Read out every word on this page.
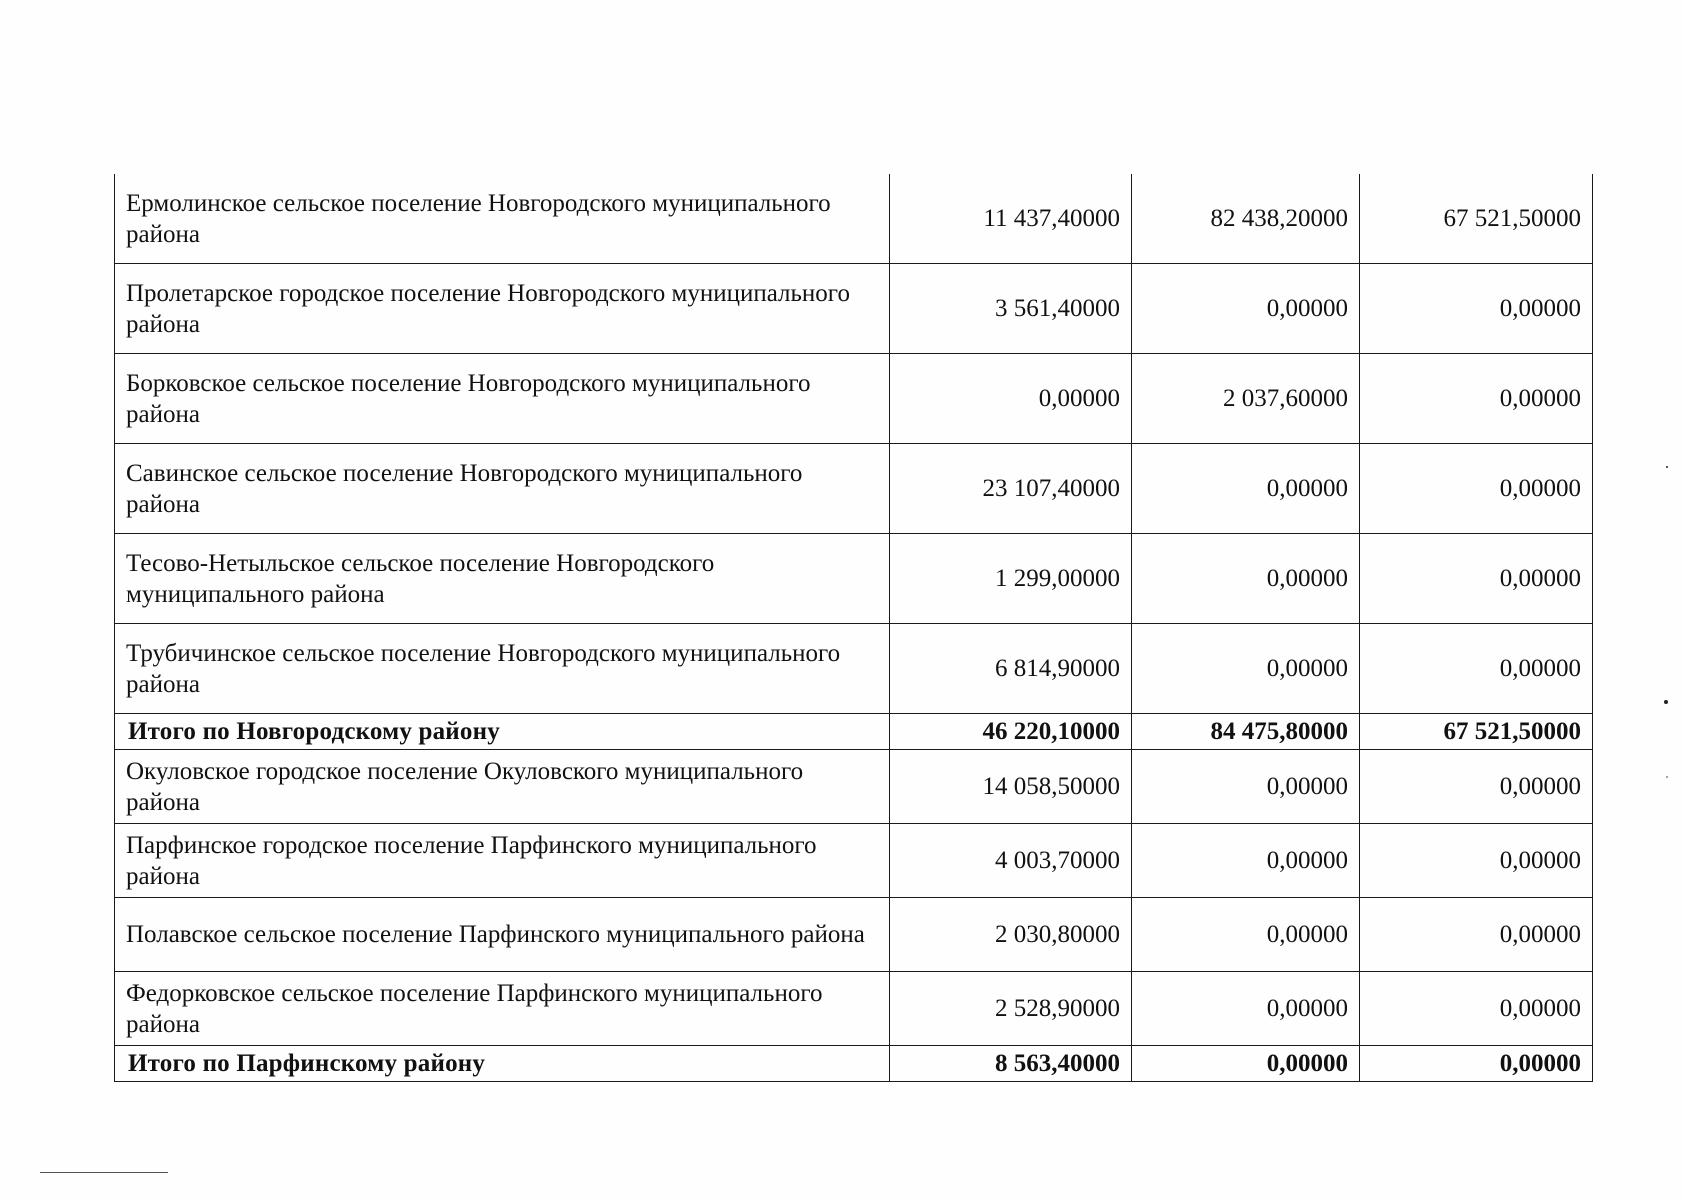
Ермолинское сельское поселение Новгородского муниципального района	11 437,40000	82 438,20000	67 521,50000
Пролетарское городское поселение Новгородского муниципального района	3 561,40000	0,00000	0,00000
Борковское сельское поселение Новгородского муниципального района	0,00000	2 037,60000	0,00000
Савинское сельское поселение Новгородского муниципального района	23 107,40000	0,00000	0,00000
Тесово-Нетыльское сельское поселение Новгородского муниципального района	1 299,00000	0,00000	0,00000
Трубичинское сельское поселение Новгородского муниципального района	6 814,90000	0,00000	0,00000
Итого по Новгородскому району	46 220,10000	84 475,80000	67 521,50000
Окуловское городское поселение Окуловского муниципального района	14 058,50000	0,00000	0,00000
Парфинское городское поселение Парфинского муниципального района	4 003,70000	0,00000	0,00000
Полавское сельское поселение Парфинского муниципального района	2 030,80000	0,00000	0,00000
Федорковское сельское поселение Парфинского муниципального района	2 528,90000	0,00000	0,00000
Итого по Парфинскому району	8 563,40000	0,00000	0,00000
